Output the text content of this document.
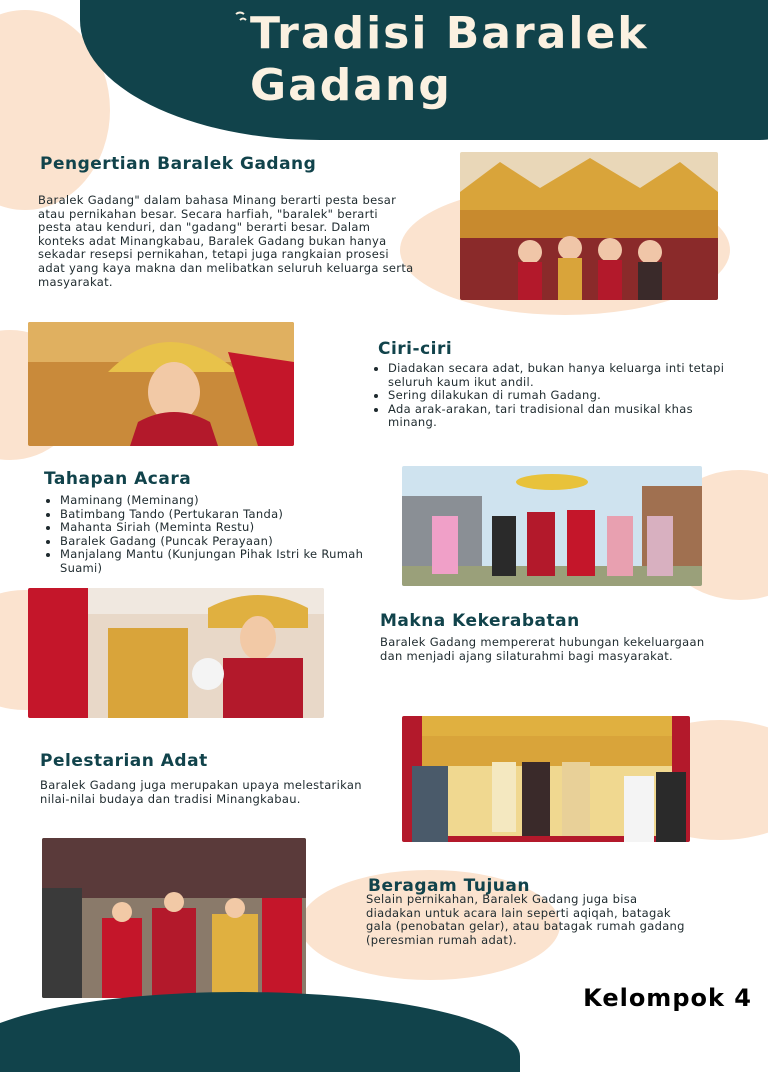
Tradisi Baralek Gadang
Pengertian Baralek Gadang

Baralek Gadang" dalam bahasa Minang berarti pesta besar atau pernikahan besar. Secara harfiah, "baralek" berarti pesta atau kenduri, dan "gadang" berarti besar. Dalam konteks adat Minangkabau, Baralek Gadang bukan hanya sekadar resepsi pernikahan, tetapi juga rangkaian prosesi adat yang kaya makna dan melibatkan seluruh keluarga serta masyarakat.

Ciri-ciri
• Diadakan secara adat, bukan hanya keluarga inti tetapi seluruh kaum ikut andil.
• Sering dilakukan di rumah Gadang.
• Ada arak-arakan, tari tradisional dan musikal khas minang.
Tahapan Acara
• Maminang (Meminang)
• Batimbang Tando (Pertukaran Tanda)
• Mahanta Siriah (Meminta Restu)
• Baralek Gadang (Puncak Perayaan)
• Manjalang Mantu (Kunjungan Pihak Istri ke Rumah Suami)
Makna Kekerabatan

Baralek Gadang mempererat hubungan kekeluargaan dan menjadi ajang silaturahmi bagi masyarakat.

Pelestarian Adat

Baralek Gadang juga merupakan upaya melestarikan nilai-nilai budaya dan tradisi Minangkabau.

Beragam Tujuan

Selain pernikahan, Baralek Gadang juga bisa diadakan untuk acara lain seperti aqiqah, batagak gala (penobatan gelar), atau batagak rumah gadang (peresmian rumah adat).

Kelompok 4
